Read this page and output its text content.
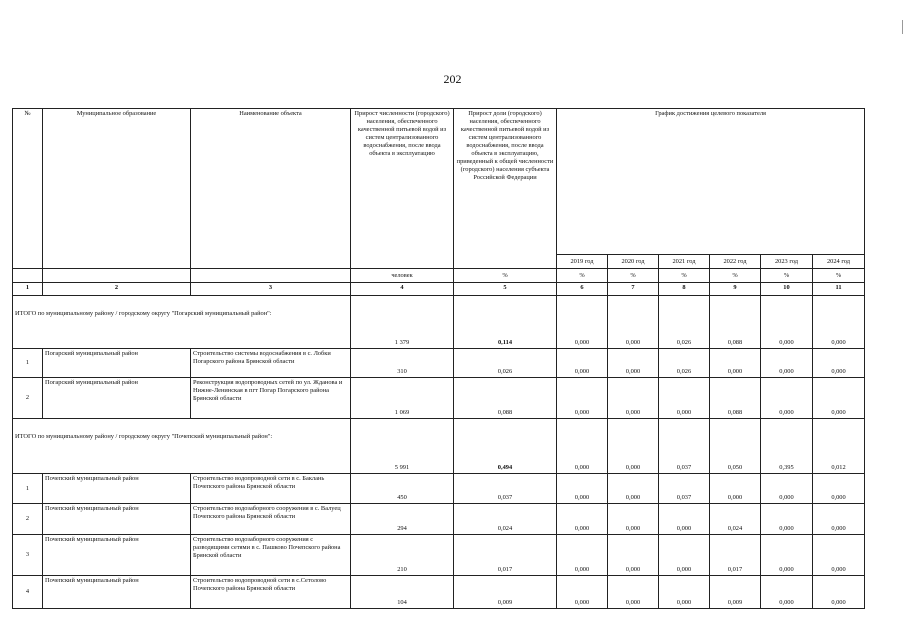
202
№	Муниципальное образование	Наименование объекта	Прирост численности (городского) населения, обеспеченного качественной питьевой водой из систем централизованного водоснабжения, после ввода объекта в эксплуатацию	Прирост доли (городского) населения, обеспеченного качественной питьевой водой из систем централизованного водоснабжения, после ввода объекта в эксплуатацию, приведенный к общей численности (городского) населения субъекта Российской Федерации	График достижения целевого показателя					
					2019 год	2020 год	2021 год	2022 год	2023 год	2024 год
			человек	%	%	%	%	%	%	%
1	2	3	4	5	6	7	8	9	10	11
ИТОГО по муниципальному району / городскому округу "Погарский муниципальный район":			1 379	0,114	0,000	0,000	0,026	0,088	0,000	0,000
1	Погарский муниципальный район	Строительство системы водоснабжения в с. Лобки Погарского района Брянской области	310	0,026	0,000	0,000	0,026	0,000	0,000	0,000
2	Погарский муниципальный район	Реконструкция водопроводных сетей по ул. Жданова и Нижне-Ленинская в пгт Погар Погарского района Брянской области	1 069	0,088	0,000	0,000	0,000	0,088	0,000	0,000
ИТОГО по муниципальному району / городскому округу "Почепский муниципальный район":			5 991	0,494	0,000	0,000	0,037	0,050	0,395	0,012
1	Почепский муниципальный район	Строительство водопроводной сети в с. Баклань Почепского района Брянской области	450	0,037	0,000	0,000	0,037	0,000	0,000	0,000
2	Почепский муниципальный район	Строительство водозаборного сооружения в с. Валуец Почепского района Брянской области	294	0,024	0,000	0,000	0,000	0,024	0,000	0,000
3	Почепский муниципальный район	Строительство водозаборного сооружения с разводящими сетями в с. Пашково Почепского района Брянской области	210	0,017	0,000	0,000	0,000	0,017	0,000	0,000
4	Почепский муниципальный район	Строительство водопроводной сети в с.Сетолово Почепского района Брянской области	104	0,009	0,000	0,000	0,000	0,009	0,000	0,000
